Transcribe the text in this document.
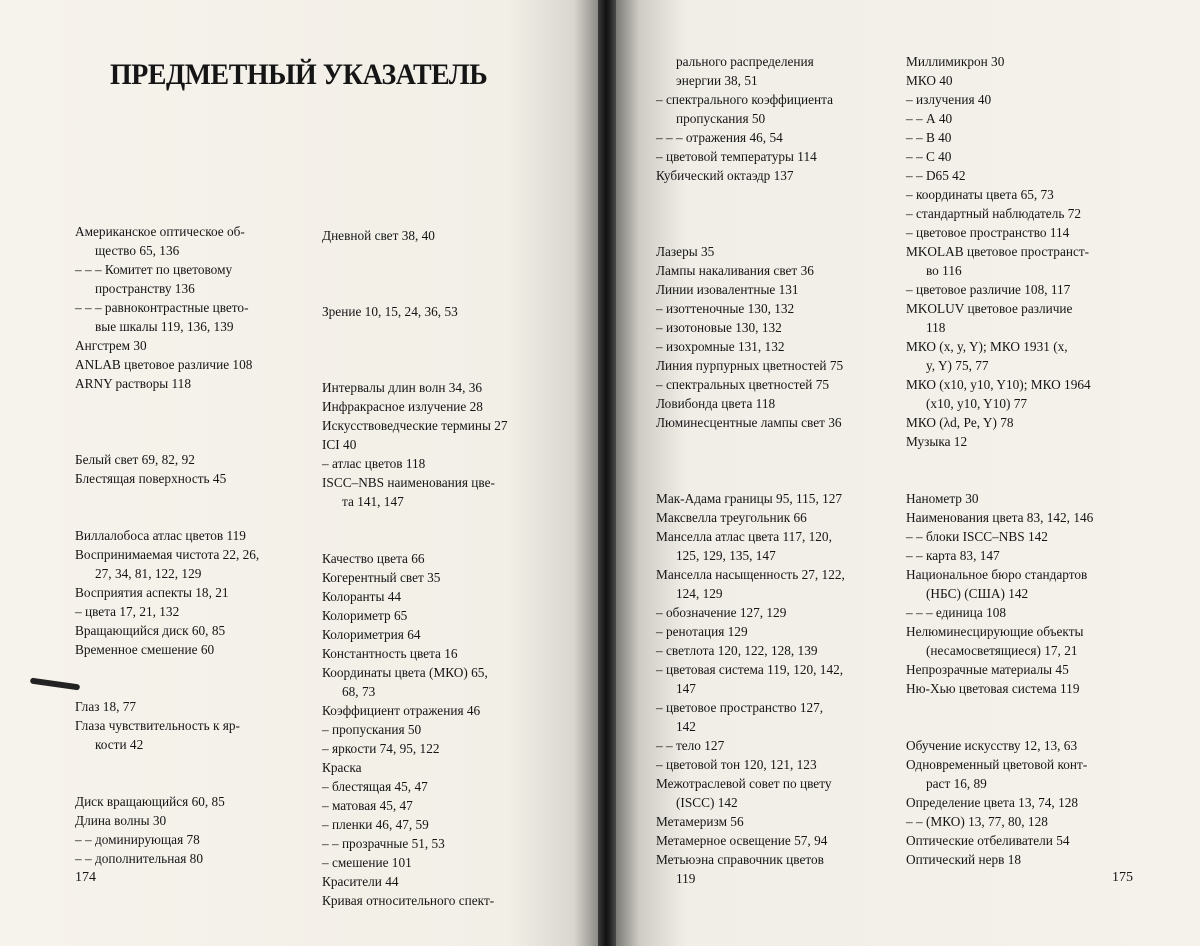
ПРЕДМЕТНЫЙ УКАЗАТЕЛЬ
Американское оптическое об-
щество 65, 136
– – – Комитет по цветовому
пространству 136
– – – равноконтрастные цвето-
вые шкалы 119, 136, 139
Ангстрем 30
ANLAB цветовое различие 108
ARNY растворы 118
Белый свет 69, 82, 92
Блестящая поверхность 45
Виллалобоса атлас цветов 119
Воспринимаемая чистота 22, 26,
27, 34, 81, 122, 129
Восприятия аспекты 18, 21
– цвета 17, 21, 132
Вращающийся диск 60, 85
Временное смешение 60
Глаз 18, 77
Глаза чувствительность к яр-
кости 42
Диск вращающийся 60, 85
Длина волны 30
– – доминирующая 78
– – дополнительная 80
Дневной свет 38, 40
Зрение 10, 15, 24, 36, 53
Интервалы длин волн 34, 36
Инфракрасное излучение 28
Искусствоведческие термины 27
ICI 40
– атлас цветов 118
ISCC–NBS наименования цве-
та 141, 147
Качество цвета 66
Когерентный свет 35
Колоранты 44
Колориметр 65
Колориметрия 64
Константность цвета 16
Координаты цвета (МКО) 65,
68, 73
Коэффициент отражения 46
– пропускания 50
– яркости 74, 95, 122
Краска
– блестящая 45, 47
– матовая 45, 47
– пленки 46, 47, 59
– – прозрачные 51, 53
– смешение 101
Красители 44
Кривая относительного спект-
174
рального распределения
энергии 38, 51
– спектрального коэффициента
пропускания 50
– – – отражения 46, 54
– цветовой температуры 114
Кубический октаэдр 137
Лазеры 35
Лампы накаливания свет 36
Линии изовалентные 131
– изоттеночные 130, 132
– изотоновые 130, 132
– изохромные 131, 132
Линия пурпурных цветностей 75
– спектральных цветностей 75
Ловибонда цвета 118
Люминесцентные лампы свет 36
Мак-Адама границы 95, 115, 127
Максвелла треугольник 66
Манселла атлас цвета 117, 120,
125, 129, 135, 147
Манселла насыщенность 27, 122,
124, 129
– обозначение 127, 129
– ренотация 129
– светлота 120, 122, 128, 139
– цветовая система 119, 120, 142,
147
– цветовое пространство 127,
142
– – тело 127
– цветовой тон 120, 121, 123
Межотраслевой совет по цвету
(ISCC) 142
Метамеризм 56
Метамерное освещение 57, 94
Метьюэна справочник цветов
119
Миллимикрон 30
МКО 40
– излучения 40
– – А 40
– – В 40
– – С 40
– – D65 42
– координаты цвета 65, 73
– стандартный наблюдатель 72
– цветовое пространство 114
MKOLAB цветовое пространст-
во 116
– цветовое различие 108, 117
MKOLUV цветовое различие
118
МКО (x, y, Y); МКО 1931 (x,
y, Y) 75, 77
МКО (x10, y10, Y10); МКО 1964
(x10, y10, Y10) 77
МКО (λd, Pe, Y) 78
Музыка 12
Нанометр 30
Наименования цвета 83, 142, 146
– – блоки ISCC–NBS 142
– – карта 83, 147
Национальное бюро стандартов
(НБС) (США) 142
– – – единица 108
Нелюминесцирующие объекты
(несамосветящиеся) 17, 21
Непрозрачные материалы 45
Ню-Хью цветовая система 119
Обучение искусству 12, 13, 63
Одновременный цветовой конт-
раст 16, 89
Определение цвета 13, 74, 128
– – (МКО) 13, 77, 80, 128
Оптические отбеливатели 54
Оптический нерв 18
175
